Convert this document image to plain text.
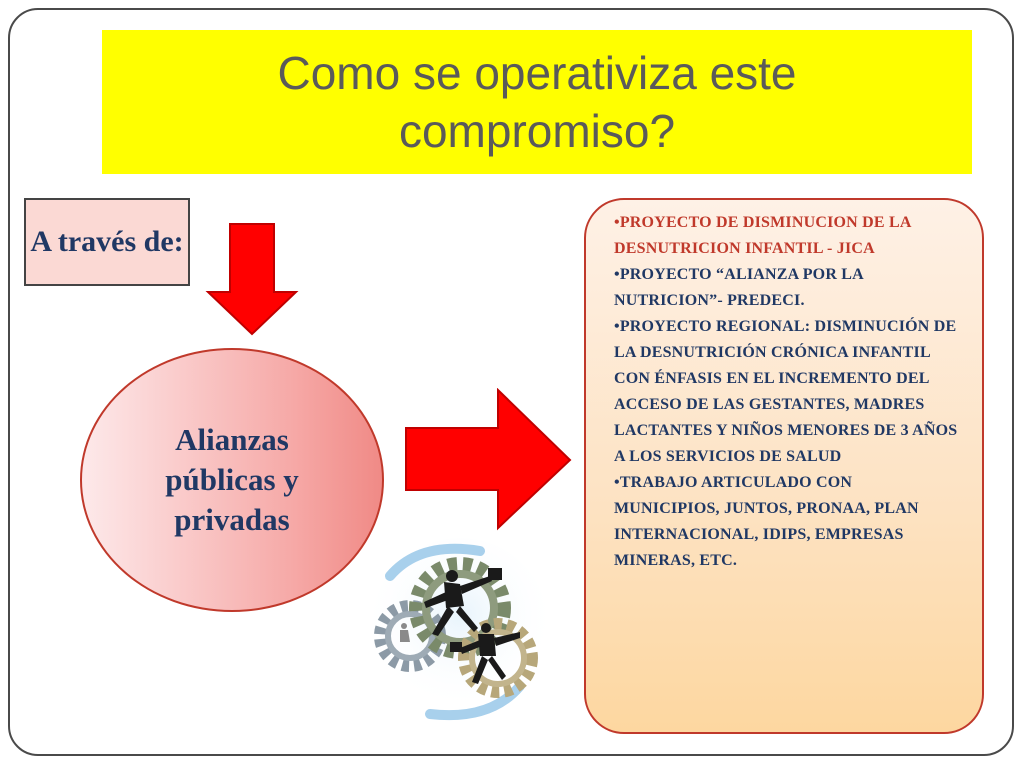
Como se operativiza este compromiso?
A través de:
Alianzas públicas y privadas
• PROYECTO DE DISMINUCION DE LA DESNUTRICION INFANTIL - JICA
• PROYECTO “ALIANZA POR LA NUTRICION”- PREDECI.
• PROYECTO REGIONAL: DISMINUCIÓN DE LA DESNUTRICIÓN CRÓNICA INFANTIL CON ÉNFASIS EN EL INCREMENTO DEL ACCESO DE LAS GESTANTES, MADRES LACTANTES Y NIÑOS MENORES DE 3 AÑOS A LOS SERVICIOS DE SALUD
• TRABAJO ARTICULADO CON MUNICIPIOS, JUNTOS, PRONAA, PLAN INTERNACIONAL, IDIPS, EMPRESAS MINERAS, ETC.
